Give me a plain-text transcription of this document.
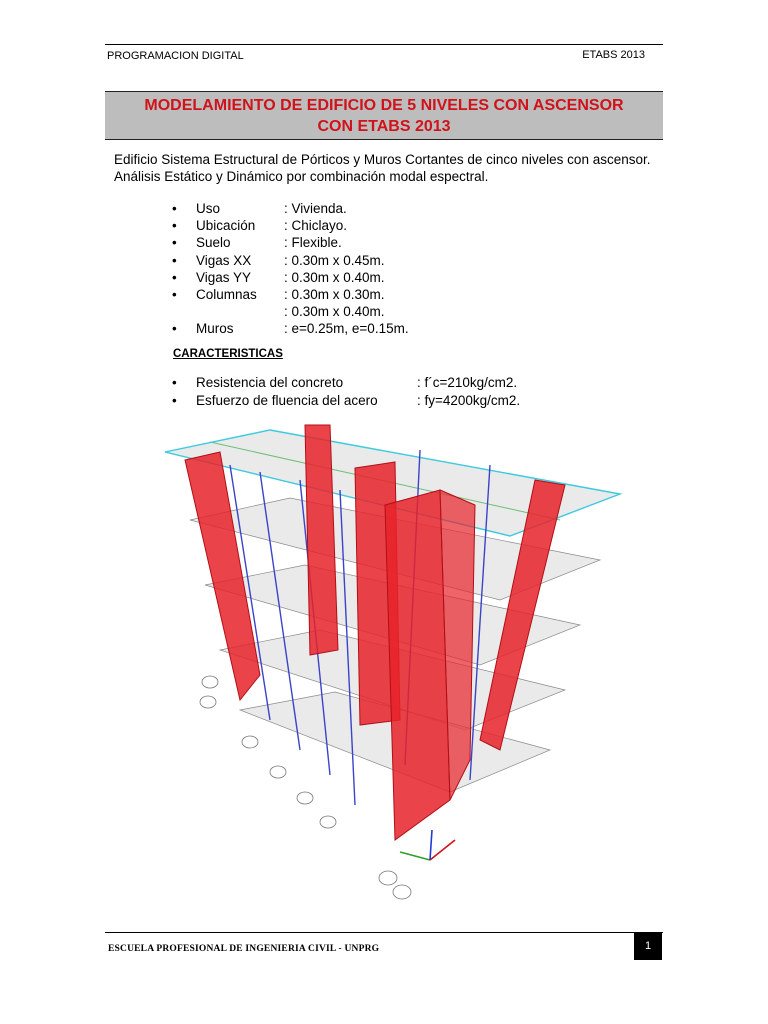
PROGRAMACION DIGITAL	ETABS 2013
MODELAMIENTO DE EDIFICIO DE 5 NIVELES CON ASCENSOR
CON ETABS 2013
Edificio Sistema Estructural de Pórticos y Muros Cortantes de cinco niveles con ascensor.
Análisis Estático y Dinámico por combinación modal espectral.
• Uso	: Vivienda.
• Ubicación : Chiclayo.
• Suelo	: Flexible.
• Vigas XX : 0.30m x 0.45m.
• Vigas YY : 0.30m x 0.40m.
• Columnas : 0.30m x 0.30m.
: 0.30m x 0.40m.
• Muros	: e=0.25m, e=0.15m.
CARACTERISTICAS
• Resistencia del concreto	: f´c=210kg/cm2.
• Esfuerzo de fluencia del acero	: fy=4200kg/cm2.
ESCUELA PROFESIONAL DE INGENIERIA CIVIL - UNPRG	1
